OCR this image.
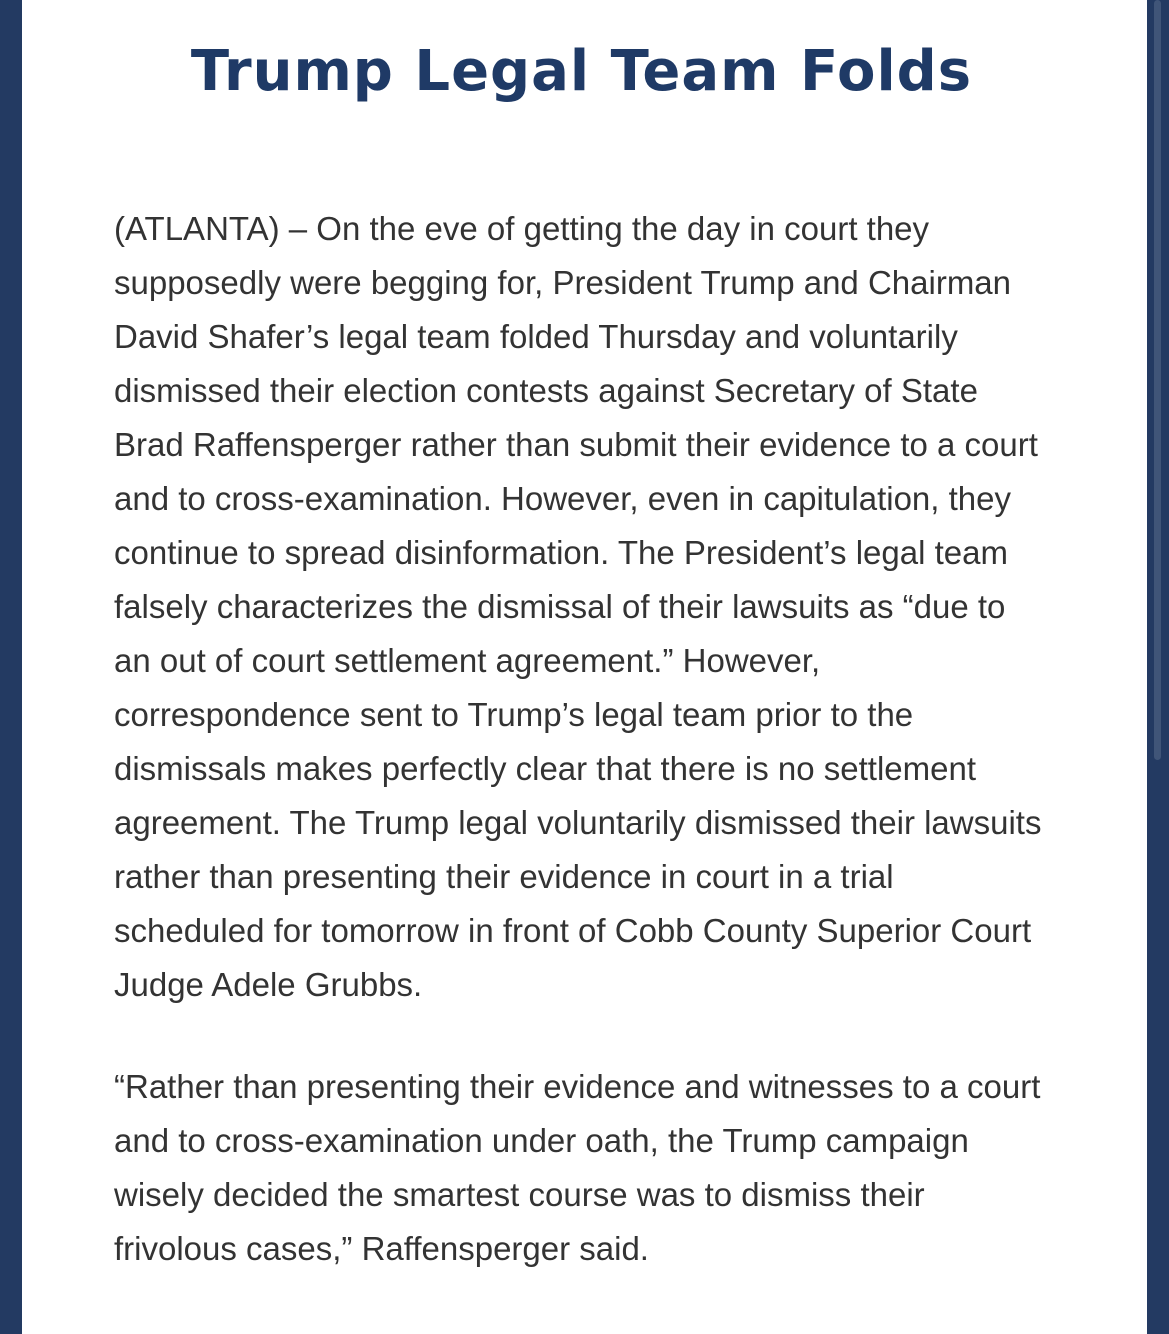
Trump Legal Team Folds

(ATLANTA) – On the eve of getting the day in court they supposedly were begging for, President Trump and Chairman David Shafer’s legal team folded Thursday and voluntarily dismissed their election contests against Secretary of State Brad Raffensperger rather than submit their evidence to a court and to cross-examination. However, even in capitulation, they continue to spread disinformation. The President’s legal team falsely characterizes the dismissal of their lawsuits as “due to an out of court settlement agreement.” However, correspondence sent to Trump’s legal team prior to the dismissals makes perfectly clear that there is no settlement agreement. The Trump legal voluntarily dismissed their lawsuits rather than presenting their evidence in court in a trial scheduled for tomorrow in front of Cobb County Superior Court Judge Adele Grubbs.

“Rather than presenting their evidence and witnesses to a court and to cross-examination under oath, the Trump campaign wisely decided the smartest course was to dismiss their frivolous cases,” Raffensperger said.
